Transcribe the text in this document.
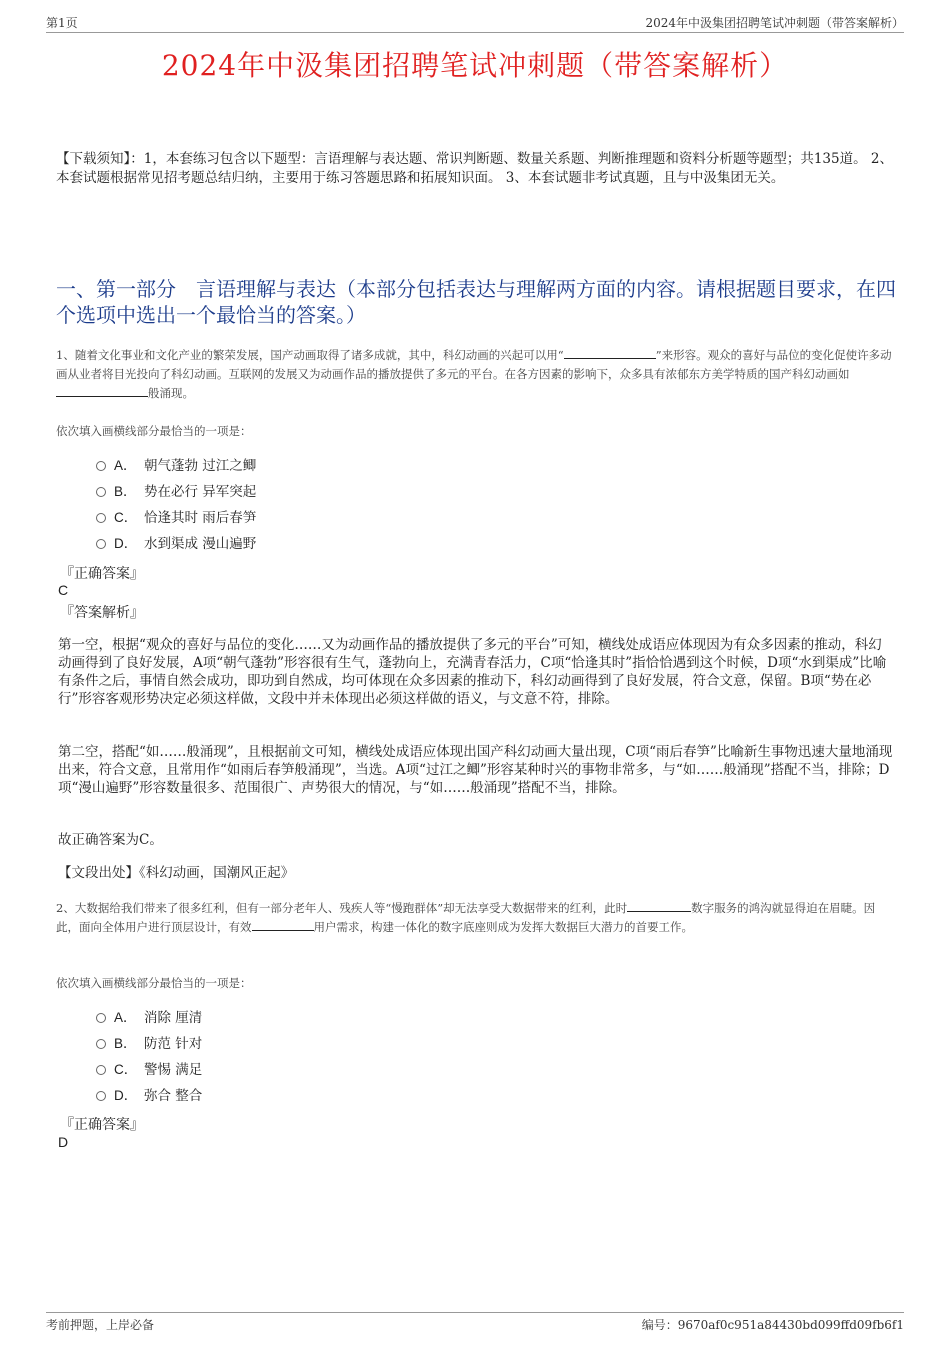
第1页	2024年中汲集团招聘笔试冲刺题（带答案解析）
2024年中汲集团招聘笔试冲刺题（带答案解析）
【下载须知】：1，本套练习包含以下题型：言语理解与表达题、常识判断题、数量关系题、判断推理题和资料分析题等题型；共135道。 2、本套试题根据常见招考题总结归纳，主要用于练习答题思路和拓展知识面。 3、本套试题非考试真题，且与中汲集团无关。
一、第一部分　言语理解与表达（本部分包括表达与理解两方面的内容。请根据题目要求，在四个选项中选出一个最恰当的答案。）
1、随着文化事业和文化产业的繁荣发展，国产动画取得了诸多成就，其中，科幻动画的兴起可以用“	”来形容。观众的喜好与品位的变化促使许多动画从业者将目光投向了科幻动画。互联网的发展又为动画作品的播放提供了多元的平台。在各方因素的影响下，众多具有浓郁东方美学特质的国产科幻动画如般涌现。
依次填入画横线部分最恰当的一项是：
A． 朝气蓬勃 过江之鲫
B． 势在必行 异军突起
C． 恰逢其时 雨后春笋
D． 水到渠成 漫山遍野
『正确答案』
C
『答案解析』
第一空，根据“观众的喜好与品位的变化……又为动画作品的播放提供了多元的平台”可知，横线处成语应体现因为有众多因素的推动，科幻动画得到了良好发展，A项“朝气蓬勃”形容很有生气，蓬勃向上，充满青春活力，C项“恰逢其时”指恰恰遇到这个时候，D项“水到渠成”比喻有条件之后，事情自然会成功，即功到自然成，均可体现在众多因素的推动下，科幻动画得到了良好发展，符合文意，保留。B项“势在必行”形容客观形势决定必须这样做，文段中并未体现出必须这样做的语义，与文意不符，排除。
第二空，搭配“如……般涌现”，且根据前文可知，横线处成语应体现出国产科幻动画大量出现，C项“雨后春笋”比喻新生事物迅速大量地涌现出来，符合文意，且常用作“如雨后春笋般涌现”，当选。A项“过江之鲫”形容某种时兴的事物非常多，与“如……般涌现”搭配不当，排除；D项“漫山遍野”形容数量很多、范围很广、声势很大的情况，与“如……般涌现”搭配不当，排除。
故正确答案为C。
【文段出处】《科幻动画，国潮风正起》
2、大数据给我们带来了很多红利，但有一部分老年人、残疾人等“慢跑群体”却无法享受大数据带来的红利，此时	数字服务的鸿沟就显得迫在眉睫。因此，面向全体用户进行顶层设计，有效	用户需求，构建一体化的数字底座则成为发挥大数据巨大潜力的首要工作。
依次填入画横线部分最恰当的一项是：
A． 消除 厘清
B． 防范 针对
C． 警惕 满足
D． 弥合 整合
『正确答案』
D
考前押题，上岸必备	编号：9670af0c951a84430bd099ffd09fb6f1
